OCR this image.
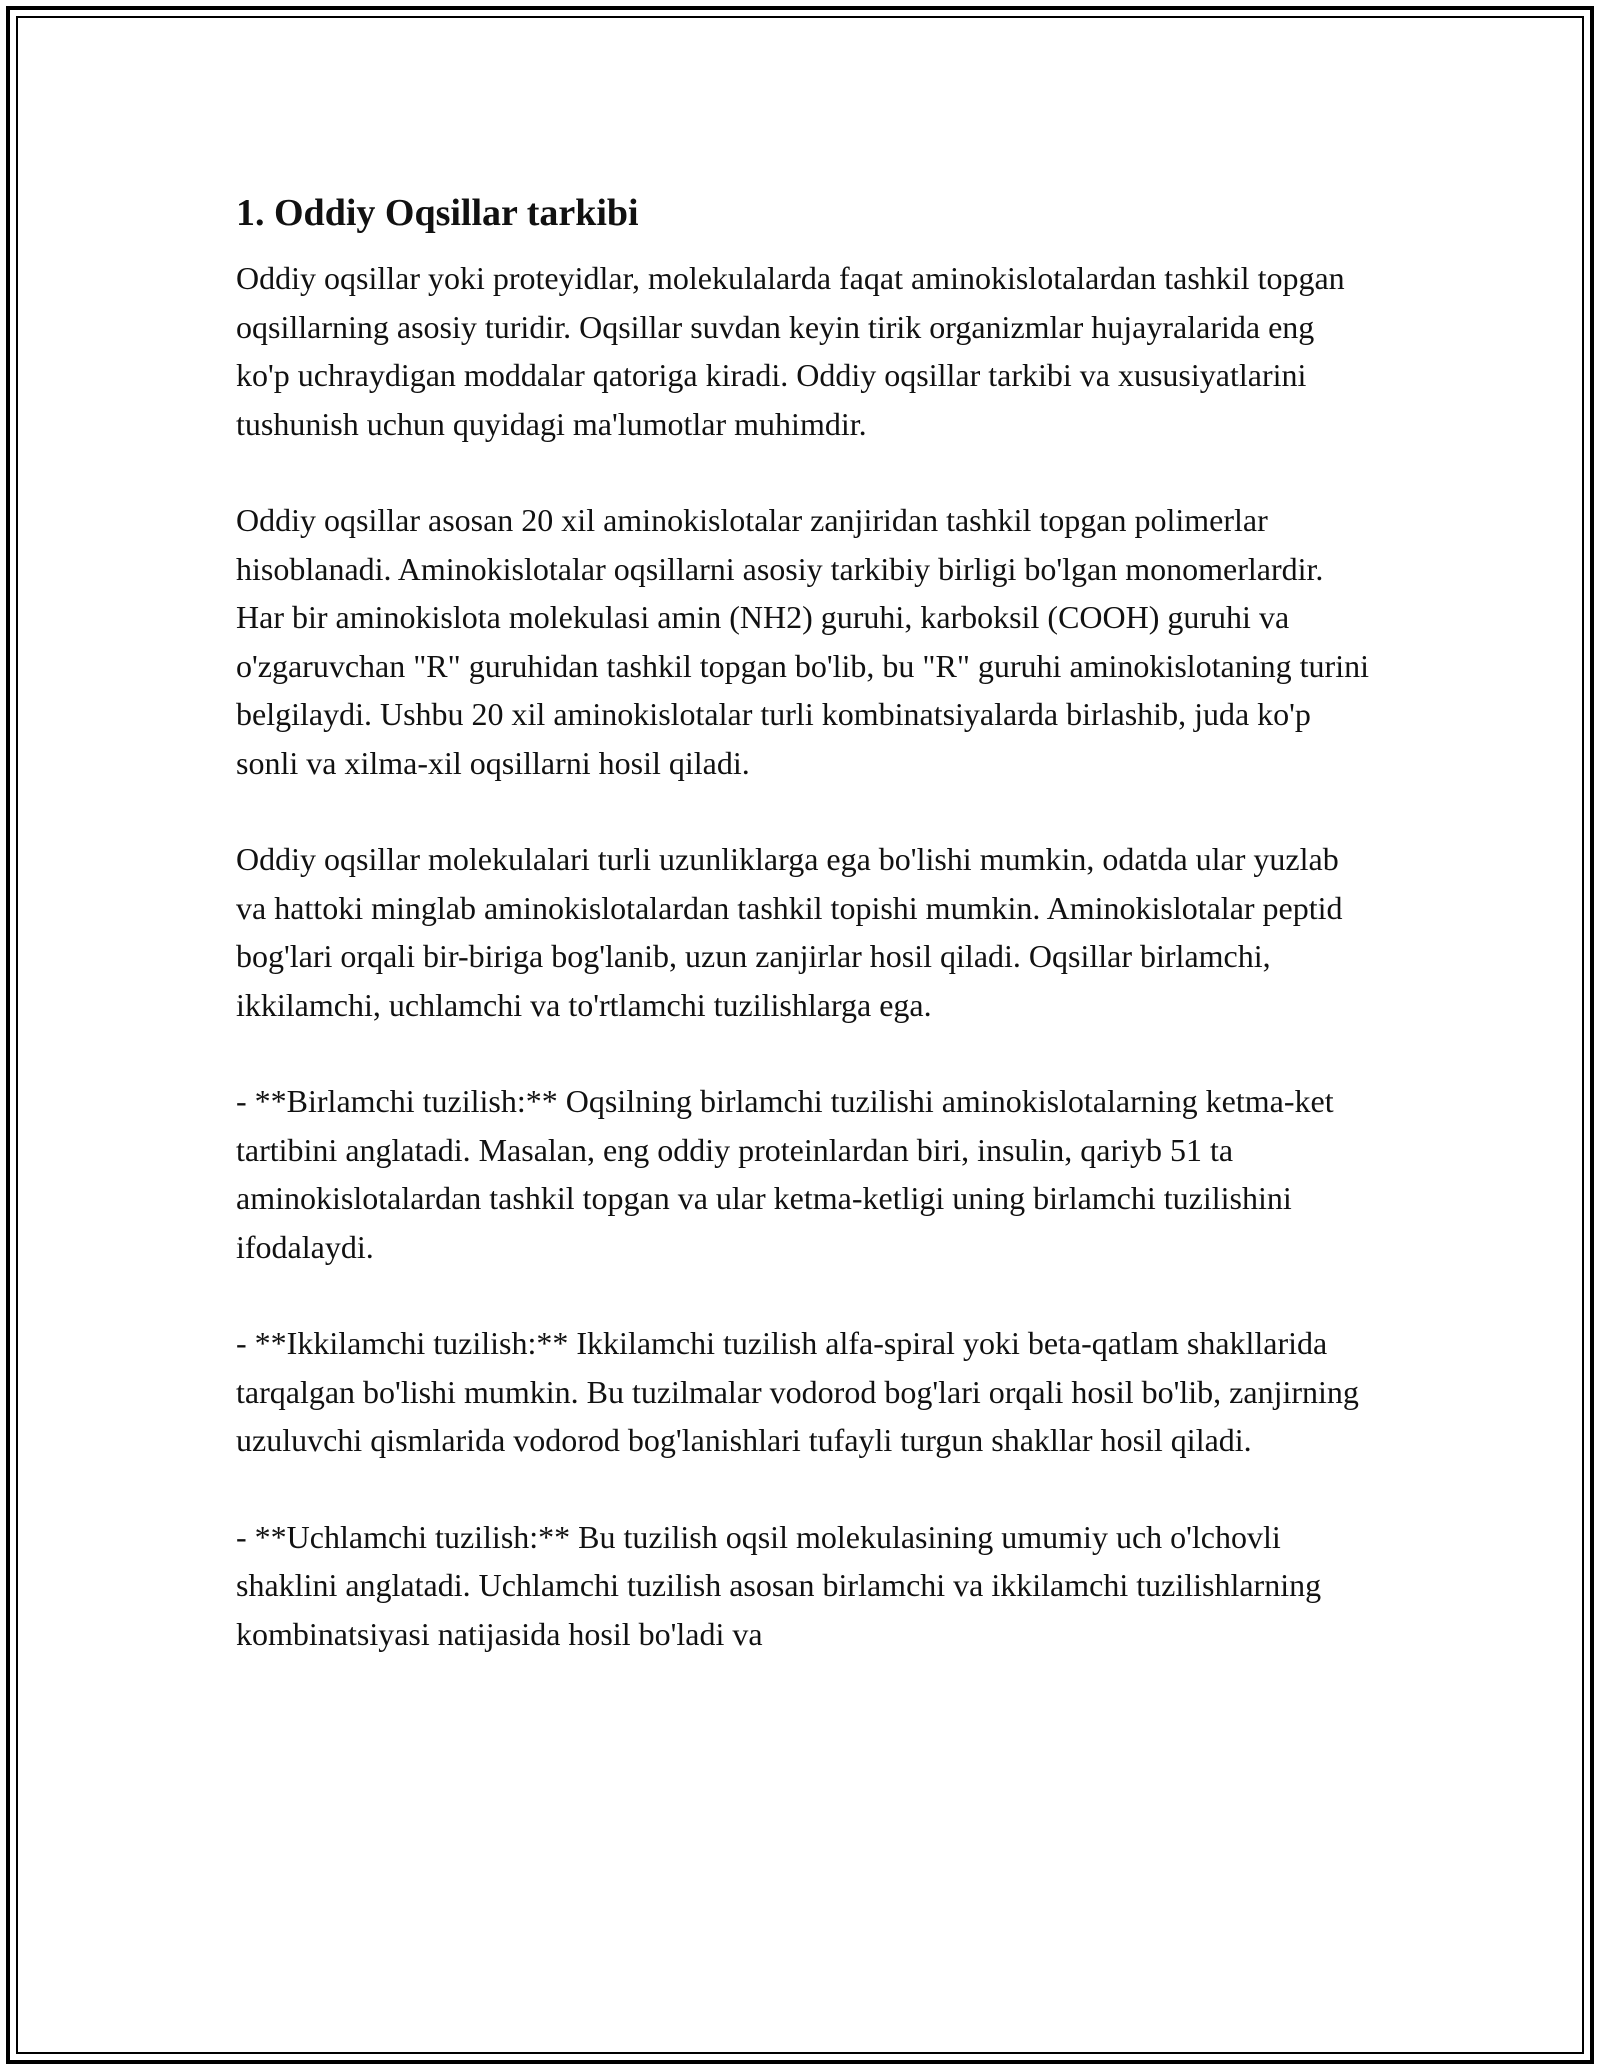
1. Oddiy Oqsillar tarkibi

Oddiy oqsillar yoki proteyidlar, molekulalarda faqat aminokislotalardan tashkil topgan oqsillarning asosiy turidir. Oqsillar suvdan keyin tirik organizmlar hujayralarida eng ko'p uchraydigan moddalar qatoriga kiradi. Oddiy oqsillar tarkibi va xususiyatlarini tushunish uchun quyidagi ma'lumotlar muhimdir.

Oddiy oqsillar asosan 20 xil aminokislotalar zanjiridan tashkil topgan polimerlar hisoblanadi. Aminokislotalar oqsillarni asosiy tarkibiy birligi bo'lgan monomerlardir. Har bir aminokislota molekulasi amin (NH2) guruhi, karboksil (COOH) guruhi va o'zgaruvchan "R" guruhidan tashkil topgan bo'lib, bu "R" guruhi aminokislotaning turini belgilaydi. Ushbu 20 xil aminokislotalar turli kombinatsiyalarda birlashib, juda ko'p sonli va xilma-xil oqsillarni hosil qiladi.

Oddiy oqsillar molekulalari turli uzunliklarga ega bo'lishi mumkin, odatda ular yuzlab va hattoki minglab aminokislotalardan tashkil topishi mumkin. Aminokislotalar peptid bog'lari orqali bir-biriga bog'lanib, uzun zanjirlar hosil qiladi. Oqsillar birlamchi, ikkilamchi, uchlamchi va to'rtlamchi tuzilishlarga ega.

- **Birlamchi tuzilish:** Oqsilning birlamchi tuzilishi aminokislotalarning ketma-ket tartibini anglatadi. Masalan, eng oddiy proteinlardan biri, insulin, qariyb 51 ta aminokislotalardan tashkil topgan va ular ketma-ketligi uning birlamchi tuzilishini ifodalaydi.

- **Ikkilamchi tuzilish:** Ikkilamchi tuzilish alfa-spiral yoki beta-qatlam shakllarida tarqalgan bo'lishi mumkin. Bu tuzilmalar vodorod bog'lari orqali hosil bo'lib, zanjirning uzuluvchi qismlarida vodorod bog'lanishlari tufayli turgun shakllar hosil qiladi.

- **Uchlamchi tuzilish:** Bu tuzilish oqsil molekulasining umumiy uch o'lchovli shaklini anglatadi. Uchlamchi tuzilish asosan birlamchi va ikkilamchi tuzilishlarning kombinatsiyasi natijasida hosil bo'ladi va
